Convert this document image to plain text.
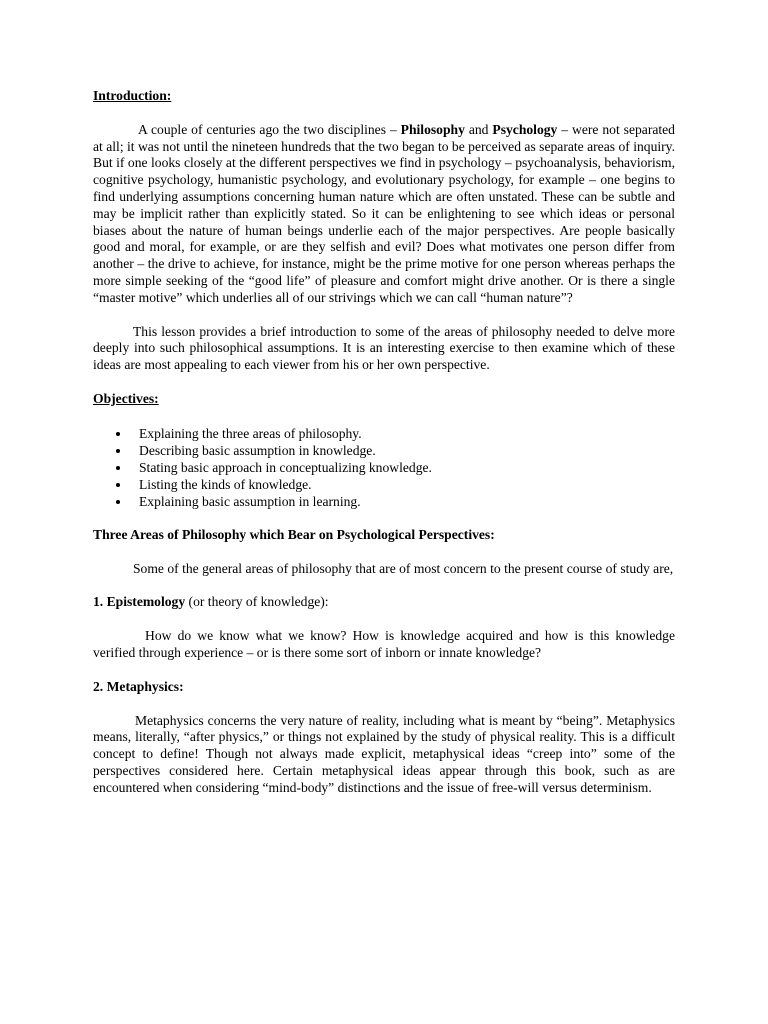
Introduction:

A couple of centuries ago the two disciplines – Philosophy and Psychology – were not separated at all; it was not until the nineteen hundreds that the two began to be perceived as separate areas of inquiry. But if one looks closely at the different perspectives we find in psychology – psychoanalysis, behaviorism, cognitive psychology, humanistic psychology, and evolutionary psychology, for example – one begins to find underlying assumptions concerning human nature which are often unstated. These can be subtle and may be implicit rather than explicitly stated. So it can be enlightening to see which ideas or personal biases about the nature of human beings underlie each of the major perspectives. Are people basically good and moral, for example, or are they selfish and evil? Does what motivates one person differ from another – the drive to achieve, for instance, might be the prime motive for one person whereas perhaps the more simple seeking of the “good life” of pleasure and comfort might drive another. Or is there a single “master motive” which underlies all of our strivings which we can call “human nature”?

This lesson provides a brief introduction to some of the areas of philosophy needed to delve more deeply into such philosophical assumptions. It is an interesting exercise to then examine which of these ideas are most appealing to each viewer from his or her own perspective.

Objectives:

Explaining the three areas of philosophy.
Describing basic assumption in knowledge.
Stating basic approach in conceptualizing knowledge.
Listing the kinds of knowledge.
Explaining basic assumption in learning.

Three Areas of Philosophy which Bear on Psychological Perspectives:

Some of the general areas of philosophy that are of most concern to the present course of study are,

1. Epistemology (or theory of knowledge):

How do we know what we know? How is knowledge acquired and how is this knowledge verified through experience – or is there some sort of inborn or innate knowledge?

2. Metaphysics:

Metaphysics concerns the very nature of reality, including what is meant by “being”. Metaphysics means, literally, “after physics,” or things not explained by the study of physical reality. This is a difficult concept to define! Though not always made explicit, metaphysical ideas “creep into” some of the perspectives considered here. Certain metaphysical ideas appear through this book, such as are encountered when considering “mind-body” distinctions and the issue of free-will versus determinism.
